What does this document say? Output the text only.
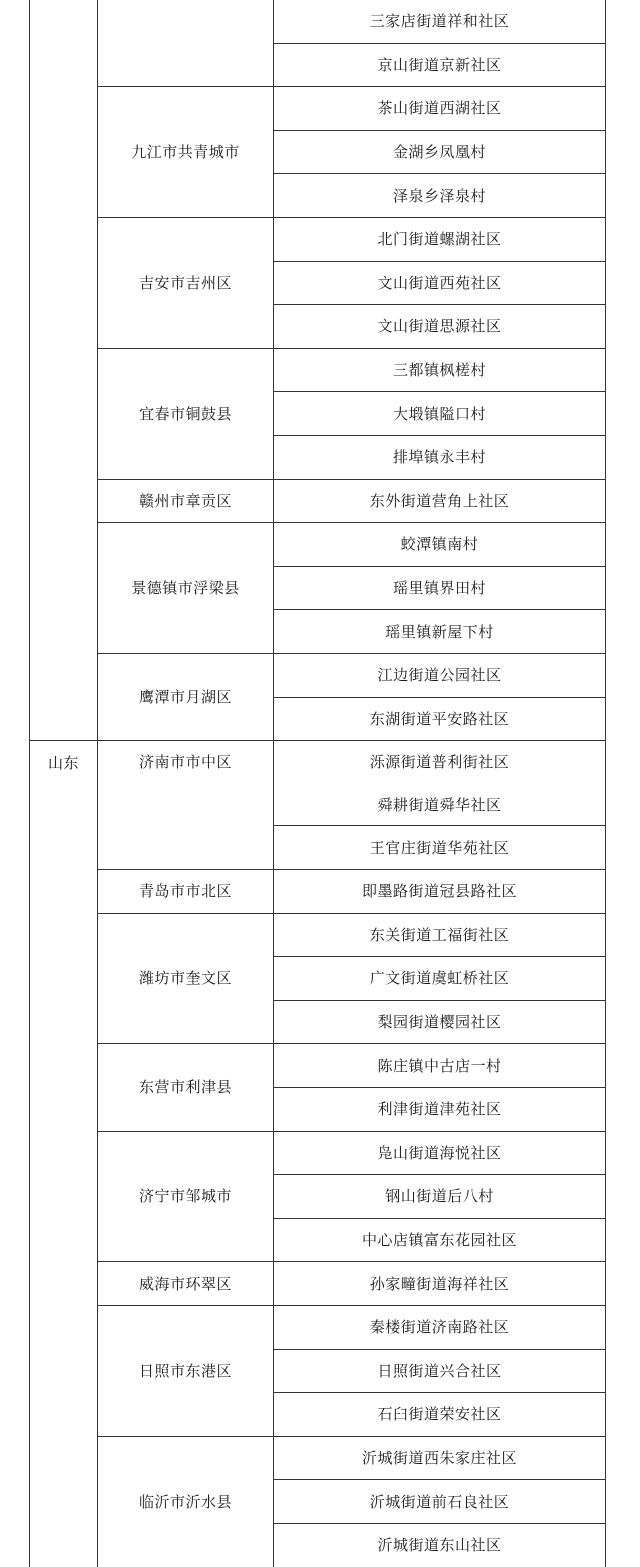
三家店街道祥和社区
京山街道京新社区
茶山街道西湖社区
金湖乡凤凰村
泽泉乡泽泉村
九江市共青城市
北门街道螺湖社区
文山街道西苑社区
文山街道思源社区
吉安市吉州区
三都镇枫槎村
大塅镇隘口村
排埠镇永丰村
宜春市铜鼓县
东外街道营角上社区
赣州市章贡区
蛟潭镇南村
瑶里镇界田村
瑶里镇新屋下村
景德镇市浮梁县
江边街道公园社区
东湖街道平安路社区
鹰潭市月湖区
泺源街道普利街社区
舜耕街道舜华社区
王官庄街道华苑社区
济南市市中区
即墨路街道冠县路社区
青岛市市北区
东关街道工福街社区
广文街道虞虹桥社区
梨园街道樱园社区
潍坊市奎文区
陈庄镇中古店一村
利津街道津苑社区
东营市利津县
凫山街道海悦社区
钢山街道后八村
中心店镇富东花园社区
济宁市邹城市
孙家疃街道海祥社区
威海市环翠区
秦楼街道济南路社区
日照街道兴合社区
石臼街道荣安社区
日照市东港区
沂城街道西朱家庄社区
沂城街道前石良社区
沂城街道东山社区
临沂市沂水县
山东
